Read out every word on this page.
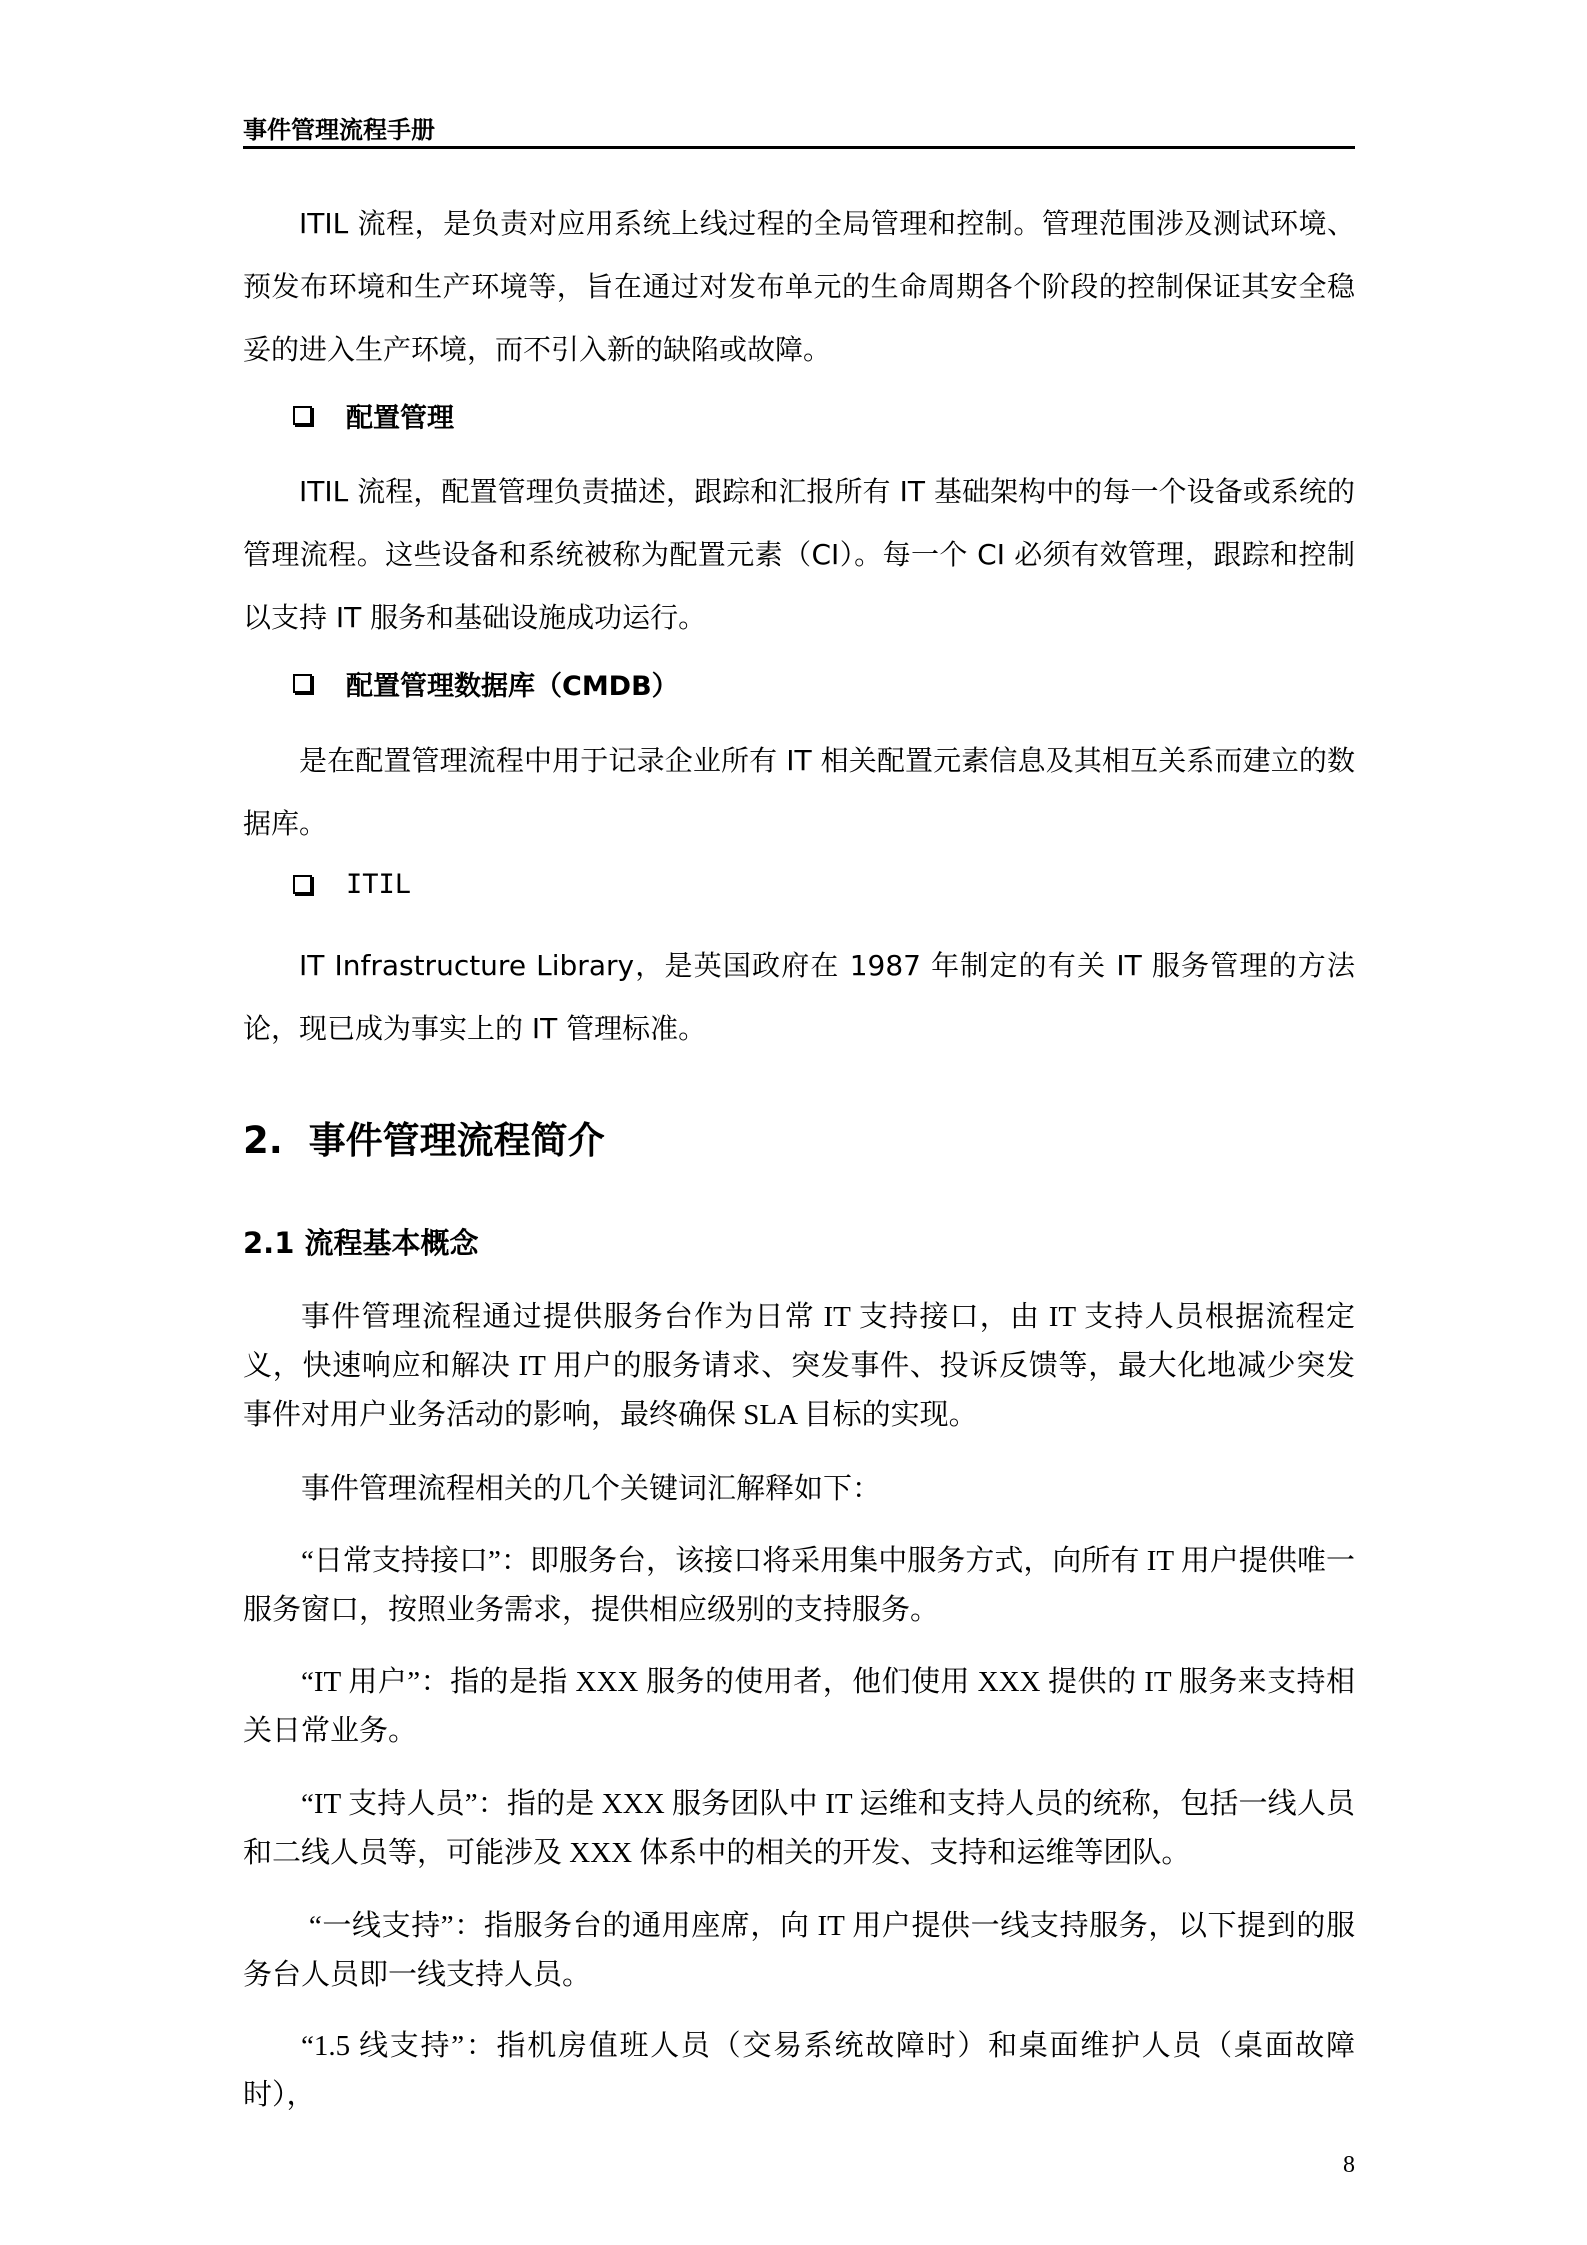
事件管理流程手册

ITIL 流程，是负责对应用系统上线过程的全局管理和控制。管理范围涉及测试环境、预发布环境和生产环境等，旨在通过对发布单元的生命周期各个阶段的控制保证其安全稳妥的进入生产环境，而不引入新的缺陷或故障。

配置管理

ITIL 流程，配置管理负责描述，跟踪和汇报所有 IT 基础架构中的每一个设备或系统的管理流程。这些设备和系统被称为配置元素（CI）。每一个 CI 必须有效管理，跟踪和控制以支持 IT 服务和基础设施成功运行。

配置管理数据库（CMDB）

是在配置管理流程中用于记录企业所有 IT 相关配置元素信息及其相互关系而建立的数据库。

ITIL

IT Infrastructure Library，是英国政府在 1987 年制定的有关 IT 服务管理的方法论，现已成为事实上的 IT 管理标准。

2.  事件管理流程简介
2.1 流程基本概念

事件管理流程通过提供服务台作为日常 IT 支持接口，由 IT 支持人员根据流程定义，快速响应和解决 IT 用户的服务请求、突发事件、投诉反馈等，最大化地减少突发事件对用户业务活动的影响，最终确保 SLA 目标的实现。

事件管理流程相关的几个关键词汇解释如下：

“日常支持接口”：即服务台，该接口将采用集中服务方式，向所有 IT 用户提供唯一服务窗口，按照业务需求，提供相应级别的支持服务。

“IT 用户”：指的是指 XXX 服务的使用者，他们使用 XXX 提供的 IT 服务来支持相关日常业务。

“IT 支持人员”：指的是 XXX 服务团队中 IT 运维和支持人员的统称，包括一线人员和二线人员等，可能涉及 XXX 体系中的相关的开发、支持和运维等团队。

“一线支持”：指服务台的通用座席，向 IT 用户提供一线支持服务，以下提到的服务台人员即一线支持人员。

“1.5 线支持”：指机房值班人员（交易系统故障时）和桌面维护人员（桌面故障时），

8
